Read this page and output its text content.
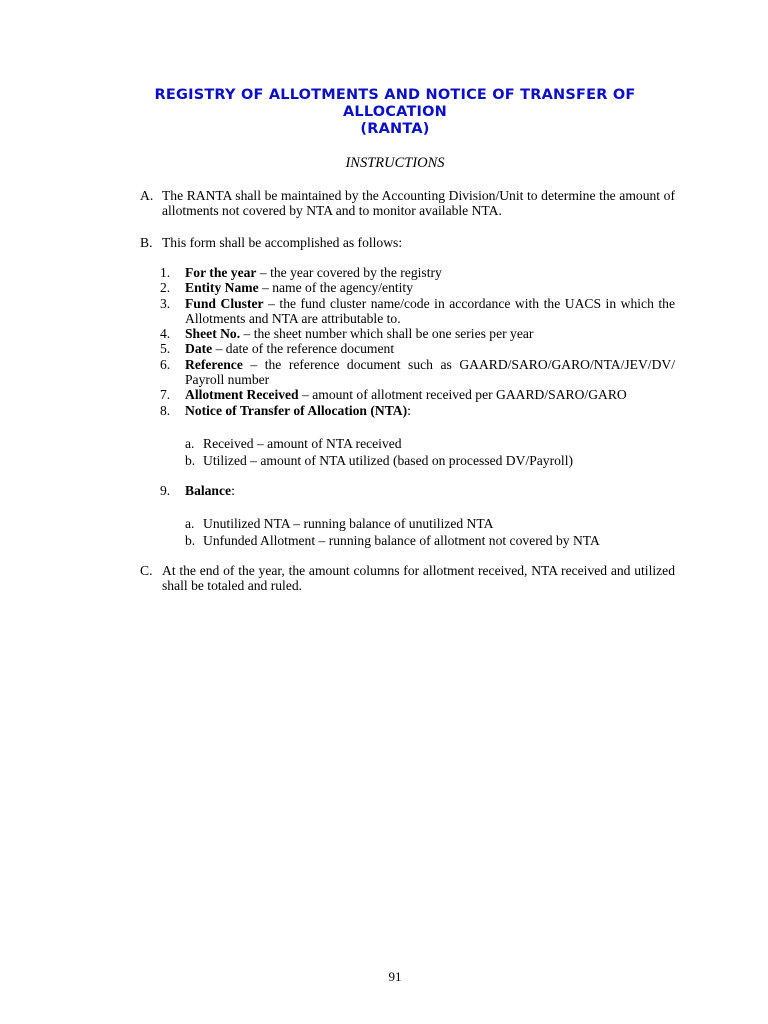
REGISTRY OF ALLOTMENTS AND NOTICE OF TRANSFER OF
ALLOCATION
(RANTA)
INSTRUCTIONS
A. The RANTA shall be maintained by the Accounting Division/Unit to determine the amount of allotments not covered by NTA and to monitor available NTA.
B. This form shall be accomplished as follows:
1. For the year – the year covered by the registry
2. Entity Name – name of the agency/entity
3. Fund Cluster – the fund cluster name/code in accordance with the UACS in which the Allotments and NTA are attributable to.
4. Sheet No. – the sheet number which shall be one series per year
5. Date – date of the reference document
6. Reference – the reference document such as GAARD/SARO/GARO/NTA/JEV/DV/ Payroll number
7. Allotment Received – amount of allotment received per GAARD/SARO/GARO
8. Notice of Transfer of Allocation (NTA):
a. Received – amount of NTA received
b. Utilized – amount of NTA utilized (based on processed DV/Payroll)
9. Balance:
a. Unutilized NTA – running balance of unutilized NTA
b. Unfunded Allotment – running balance of allotment not covered by NTA
C. At the end of the year, the amount columns for allotment received, NTA received and utilized shall be totaled and ruled.
91
